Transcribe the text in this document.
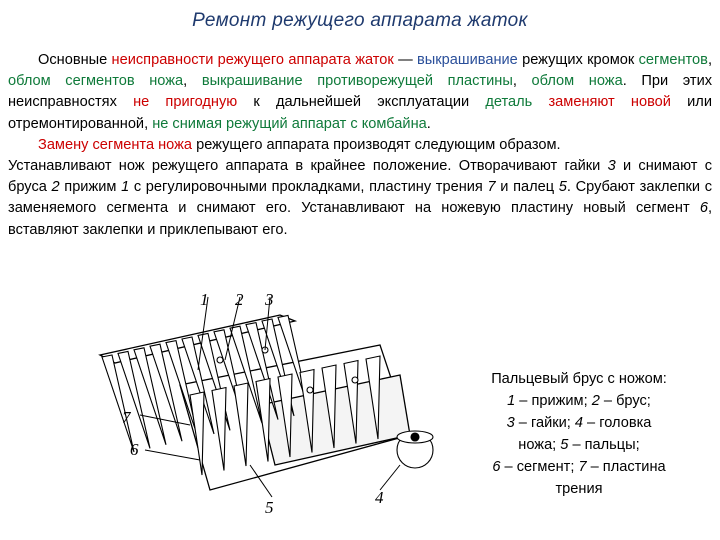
Ремонт режущего аппарата жаток

Основные неисправности режущего аппарата жаток — выкрашивание режущих кромок сегментов, облом сегментов ножа, выкрашивание противорежущей пластины, облом ножа. При этих неисправностях не пригодную к дальнейшей эксплуатации деталь заменяют новой или отремонтированной, не снимая режущий аппарат с комбайна.

Замену сегмента ножа режущего аппарата производят следующим образом.

Устанавливают нож режущего аппарата в крайнее положение. Отворачивают гайки 3 и снимают с бруса 2 прижим 1 с регулировочными прокладками, пластину трения 7 и палец 5. Срубают заклепки с заменяемого сегмента и снимают его. Устанавливают на ножевую пластину новый сегмент 6, вставляют заклепки и приклепывают его.

1 2 3
7
6
5
4
Пальцевый брус с ножом:
1 – прижим; 2 – брус;
3 – гайки; 4 – головка
ножа; 5 – пальцы;
6 – сегмент; 7 – пластина
трения
